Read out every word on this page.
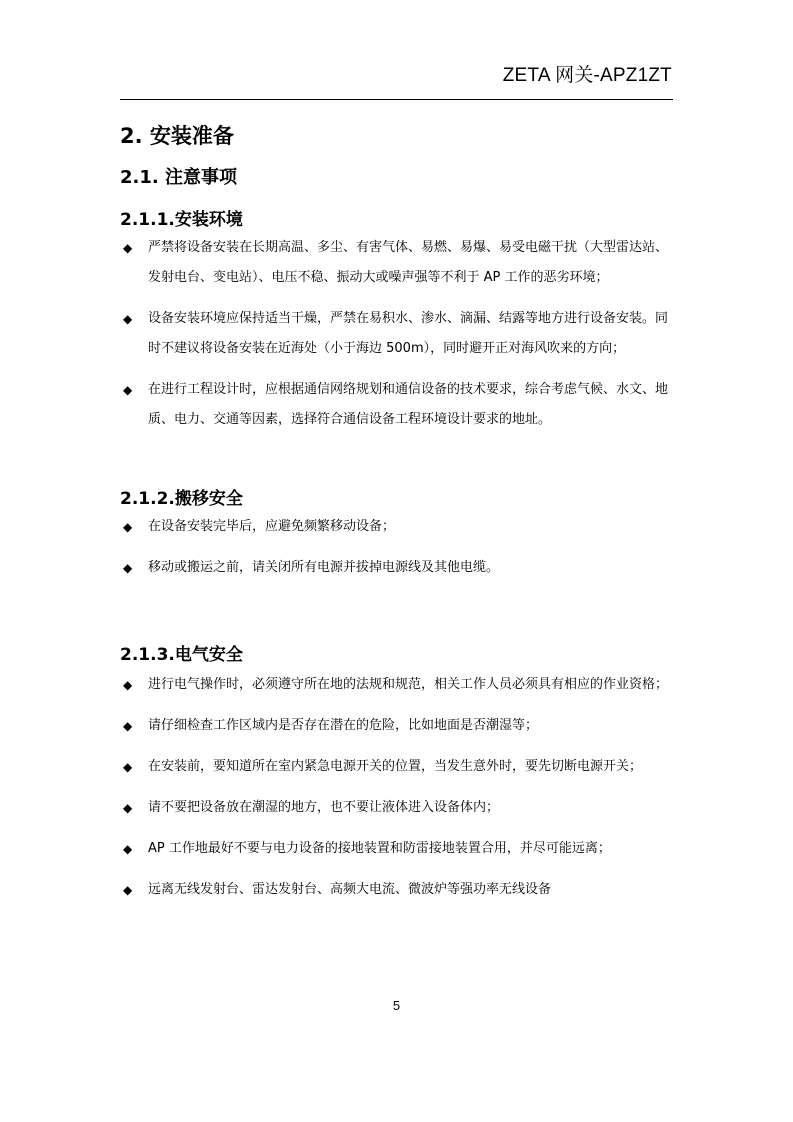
ZETA 网关-APZ1ZT
2. 安装准备
2.1. 注意事项
2.1.1.安装环境
◆ 严禁将设备安装在长期高温、多尘、有害气体、易燃、易爆、易受电磁干扰（大型雷达站、发射电台、变电站）、电压不稳、振动大或噪声强等不利于 AP 工作的恶劣环境；
◆ 设备安装环境应保持适当干燥，严禁在易积水、渗水、滴漏、结露等地方进行设备安装。同时不建议将设备安装在近海处（小于海边 500m），同时避开正对海风吹来的方向；
◆ 在进行工程设计时，应根据通信网络规划和通信设备的技术要求，综合考虑气候、水文、地质、电力、交通等因素，选择符合通信设备工程环境设计要求的地址。
2.1.2.搬移安全
◆ 在设备安装完毕后，应避免频繁移动设备；
◆ 移动或搬运之前，请关闭所有电源并拔掉电源线及其他电缆。
2.1.3.电气安全
◆ 进行电气操作时，必须遵守所在地的法规和规范，相关工作人员必须具有相应的作业资格；
◆ 请仔细检查工作区域内是否存在潜在的危险，比如地面是否潮湿等；
◆ 在安装前，要知道所在室内紧急电源开关的位置，当发生意外时，要先切断电源开关；
◆ 请不要把设备放在潮湿的地方，也不要让液体进入设备体内；
◆ AP 工作地最好不要与电力设备的接地装置和防雷接地装置合用，并尽可能远离；
◆ 远离无线发射台、雷达发射台、高频大电流、微波炉等强功率无线设备
5
